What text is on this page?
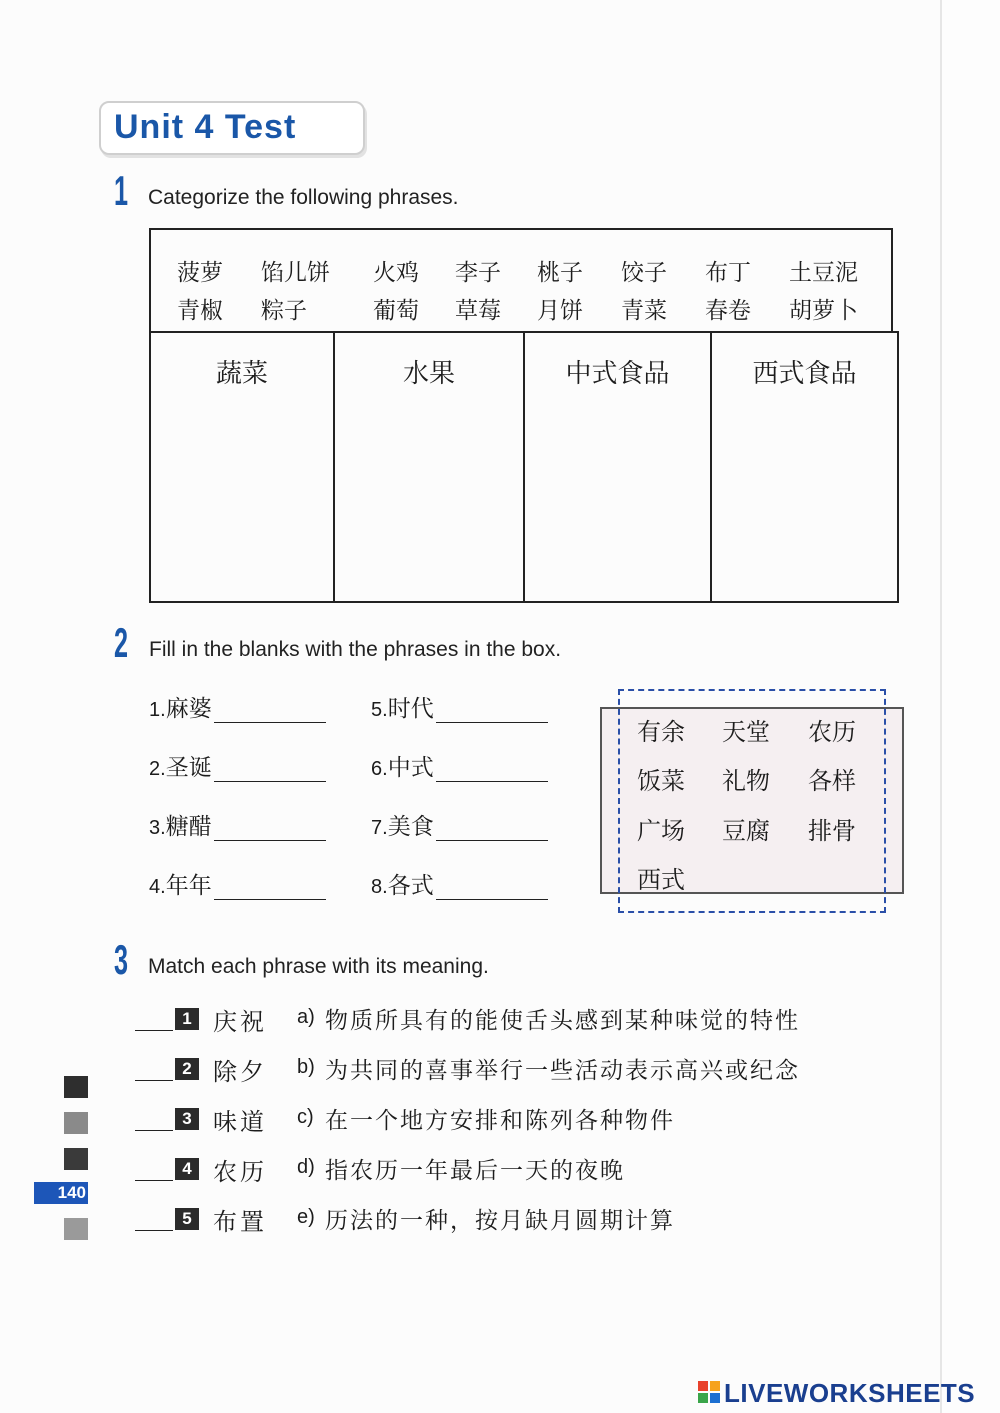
Unit 4 Test
1 Categorize the following phrases.
菠萝 馅儿饼 火鸡 李子 桃子 饺子 布丁 土豆泥
青椒 粽子	葡萄 草莓 月饼 青菜 春卷 胡萝卜
蔬菜	水果	中式食品	西式食品
2 Fill in the blanks with the phrases in the box.
1.麻婆
2.圣诞
3.糖醋
4.年年
5.时代
6.中式
7.美食
8.各式
有余 天堂 农历
饭菜 礼物 各样
广场 豆腐 排骨
西式
3 Match each phrase with its meaning.
1 庆祝 a) 物质所具有的能使舌头感到某种味觉的特性
2 除夕 b) 为共同的喜事举行一些活动表示高兴或纪念
3 味道 c) 在一个地方安排和陈列各种物件
4 农历 d) 指农历一年最后一天的夜晚
5 布置 e) 历法的一种，按月缺月圆期计算
140
LIVEWORKSHEETS
